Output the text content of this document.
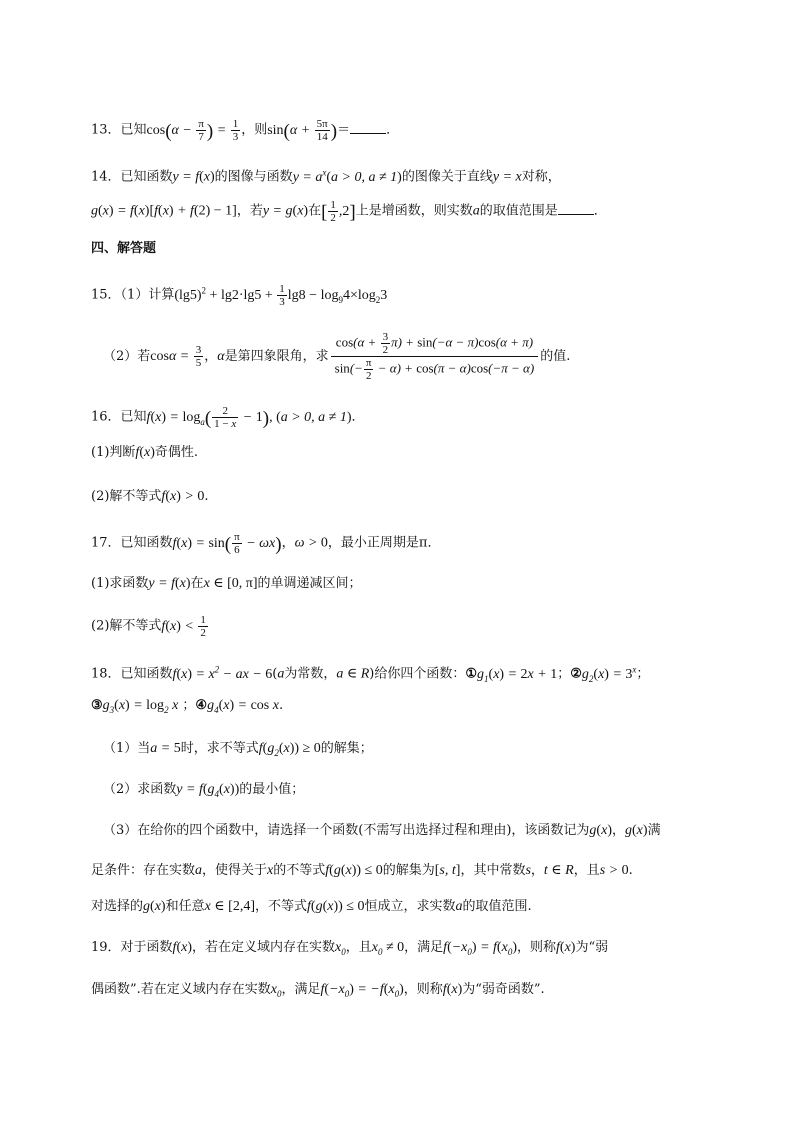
13．已知$\cos(\alpha - \frac{\pi}{7}$ ) = $\frac{1}{3}$ ，则$\sin(\alpha + \frac{5\pi}{14}$ )＝	．
14．已知函数y = f(x)的图像与函数$y = a^x(a > 0$, a ≠ 1)的图像关于直线y = x对称，
g(x) = f(x)[f(x) + f(2) − 1]，若y = g(x)在[ $\frac{1}{2} ,2$]上是增函数，则实数a的取值范围是	．
四、解答题
15．（1）计算$(\lg 5)^2 + \lg 2\cdot\lg 5 + \frac{1}{3} \lg 8 - \log_94\times\log_23$
（2）若$\cos\alpha = \frac{3}{5}$ ，α是第四象限角，求 $\frac{\cos(\alpha + \frac{3}{2} \pi) + \sin(-\alpha - \pi)\cos(\alpha + \pi)}{\sin(- \frac{\pi}{2} - \alpha) + \cos(\pi - \alpha)\cos(-\pi - \alpha)}$ 的值.
16．已知$f(x) = \log_a( \frac{2}{1 - x} - 1)$, (a > 0, a ≠ 1)．
(1)判断f(x)奇偶性.
(2)解不等式f(x) > 0.
17．已知函数$f(x) = \sin( \frac{\pi}{6} - \omega x)$，ω > 0，最小正周期是π．
(1)求函数y = f(x)在x ∈ [0, π]的单调递减区间；
(2)解不等式$f(x) < \frac{1}{2}$
18．已知函数$f(x) = x^2$ − ax − 6(a为常数，a ∈ R)给你四个函数：$①g_1(x) = 2x + 1$；$②g_2(x) = 3^x$；
$③g_3(x) = \log_2 x$ ；$④g_4(x) = \cos x$.
（1）当a = 5时，求不等式$f(g_2(x)) \ge 0$的解集；
（2）求函数$y = f(g_4(x))$的最小值；
（3）在给你的四个函数中，请选择一个函数(不需写出选择过程和理由)，该函数记为g(x)，g(x)满
足条件：存在实数a，使得关于x的不等式f(g(x)) ≤ 0的解集为[s, t]，其中常数s，t ∈ R，且s > 0.
对选择的g(x)和任意x ∈ [2,4]，不等式f(g(x)) ≤ 0恒成立，求实数a的取值范围.
19．对于函数f(x)，若在定义域内存在实数$x_0$，且$x_0 \ne 0$，满足$f(-x_0) = f(x_0)$，则称f(x)为“弱
偶函数”.若在定义域内存在实数$x_0$，满足$f(-x_0) = -f(x_0)$，则称f(x)为“弱奇函数”.
